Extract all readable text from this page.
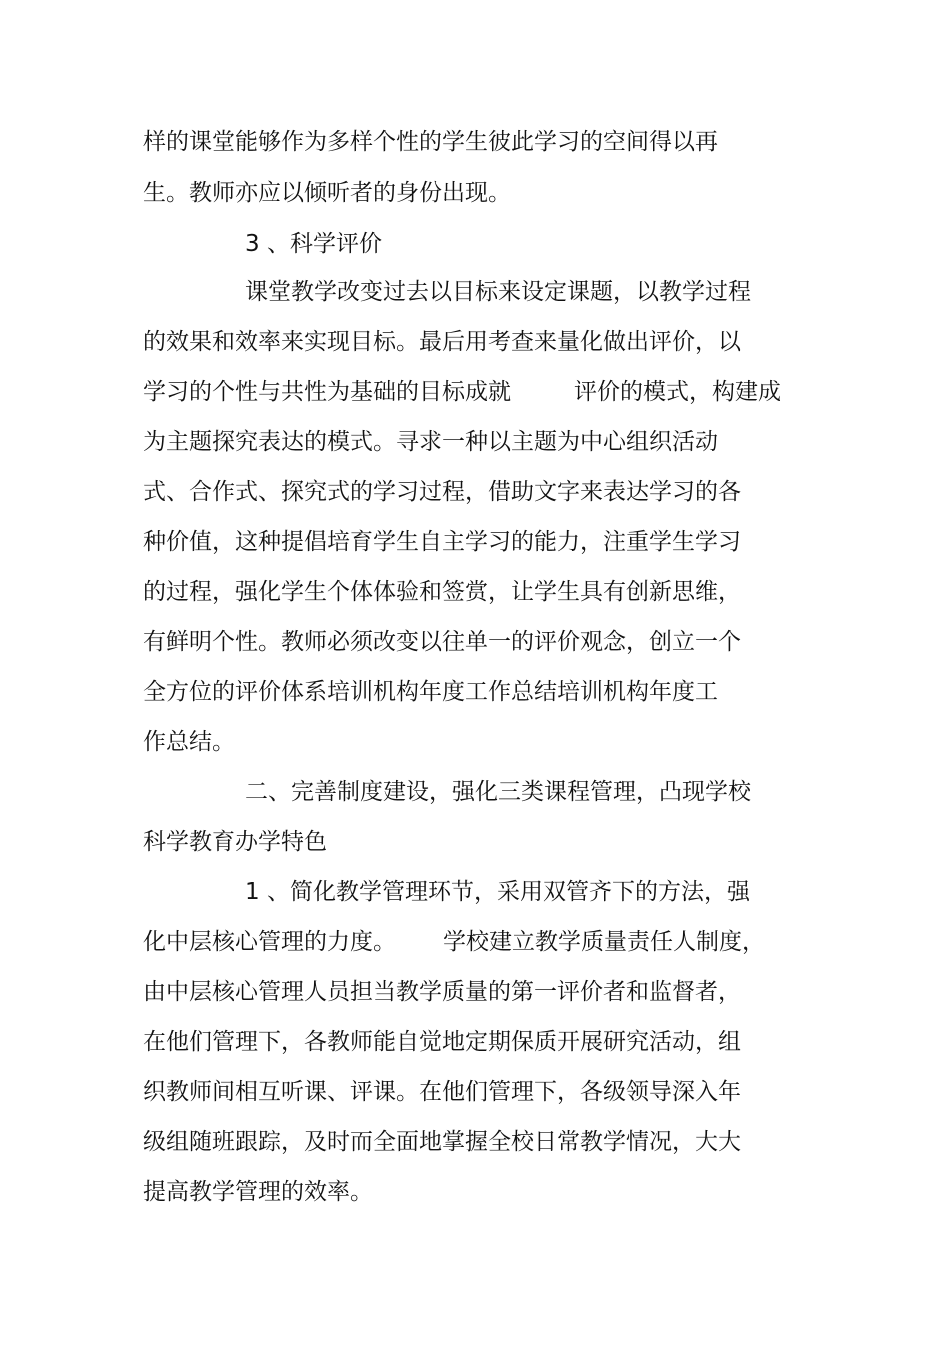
样的课堂能够作为多样个性的学生彼此学习的空间得以再
生。教师亦应以倾听者的身份出现。
3 、科学评价
课堂教学改变过去以目标来设定课题，以教学过程
的效果和效率来实现目标。最后用考查来量化做出评价，以
学习的个性与共性为基础的目标成就	评价的模式，构建成
为主题探究表达的模式。寻求一种以主题为中心组织活动
式、合作式、探究式的学习过程，借助文字来表达学习的各
种价值，这种提倡培育学生自主学习的能力，注重学生学习
的过程，强化学生个体体验和签赏，让学生具有创新思维，
有鲜明个性。教师必须改变以往单一的评价观念，创立一个
全方位的评价体系培训机构年度工作总结培训机构年度工
作总结。
二、完善制度建设，强化三类课程管理，凸现学校
科学教育办学特色
1 、简化教学管理环节，采用双管齐下的方法，强
化中层核心管理的力度。 学校建立教学质量责任人制度，
由中层核心管理人员担当教学质量的第一评价者和监督者，
在他们管理下，各教师能自觉地定期保质开展研究活动，组
织教师间相互听课、评课。在他们管理下，各级领导深入年
级组随班跟踪，及时而全面地掌握全校日常教学情况，大大
提高教学管理的效率。
